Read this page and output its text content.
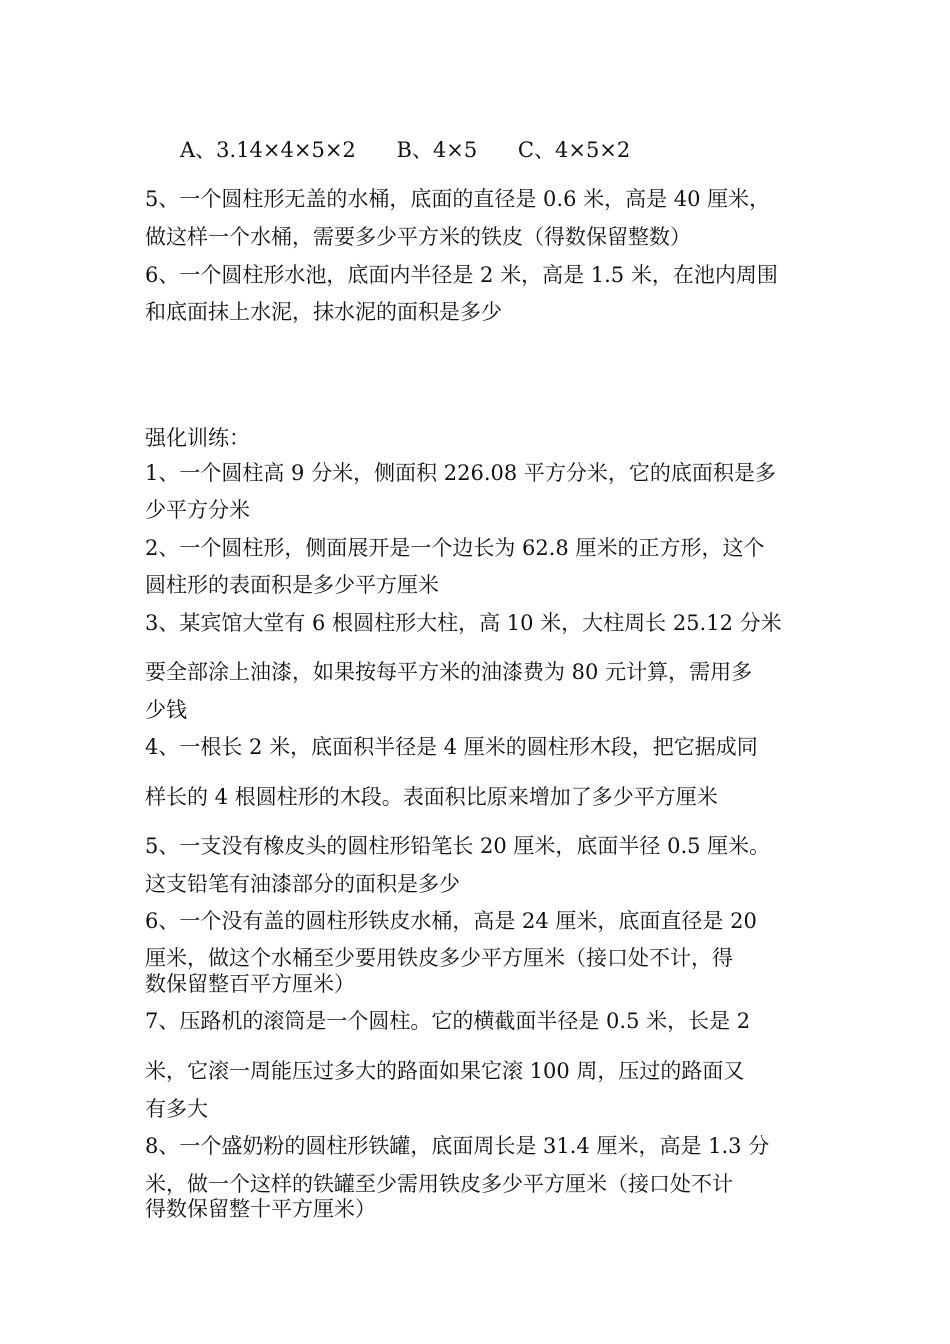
A、3.14×4×5×2 B、4×5 C、4×5×2
5、一个圆柱形无盖的水桶，底面的直径是 0.6 米，高是 40 厘米，
做这样一个水桶，需要多少平方米的铁皮（得数保留整数）
6、一个圆柱形水池，底面内半径是 2 米，高是 1.5 米，在池内周围
和底面抹上水泥，抹水泥的面积是多少
强化训练：
1、一个圆柱高 9 分米，侧面积 226.08 平方分米，它的底面积是多
少平方分米
2、一个圆柱形，侧面展开是一个边长为 62.8 厘米的正方形，这个
圆柱形的表面积是多少平方厘米
3、某宾馆大堂有 6 根圆柱形大柱，高 10 米，大柱周长 25.12 分米
要全部涂上油漆，如果按每平方米的油漆费为 80 元计算，需用多
少钱
4、一根长 2 米，底面积半径是 4 厘米的圆柱形木段，把它据成同
样长的 4 根圆柱形的木段。表面积比原来增加了多少平方厘米
5、一支没有橡皮头的圆柱形铅笔长 20 厘米，底面半径 0.5 厘米。
这支铅笔有油漆部分的面积是多少
6、一个没有盖的圆柱形铁皮水桶，高是 24 厘米，底面直径是 20
厘米，做这个水桶至少要用铁皮多少平方厘米（接口处不计，得
数保留整百平方厘米）
7、压路机的滚筒是一个圆柱。它的横截面半径是 0.5 米，长是 2
米，它滚一周能压过多大的路面如果它滚 100 周，压过的路面又
有多大
8、一个盛奶粉的圆柱形铁罐，底面周长是 31.4 厘米，高是 1.3 分
米，做一个这样的铁罐至少需用铁皮多少平方厘米（接口处不计
得数保留整十平方厘米）
